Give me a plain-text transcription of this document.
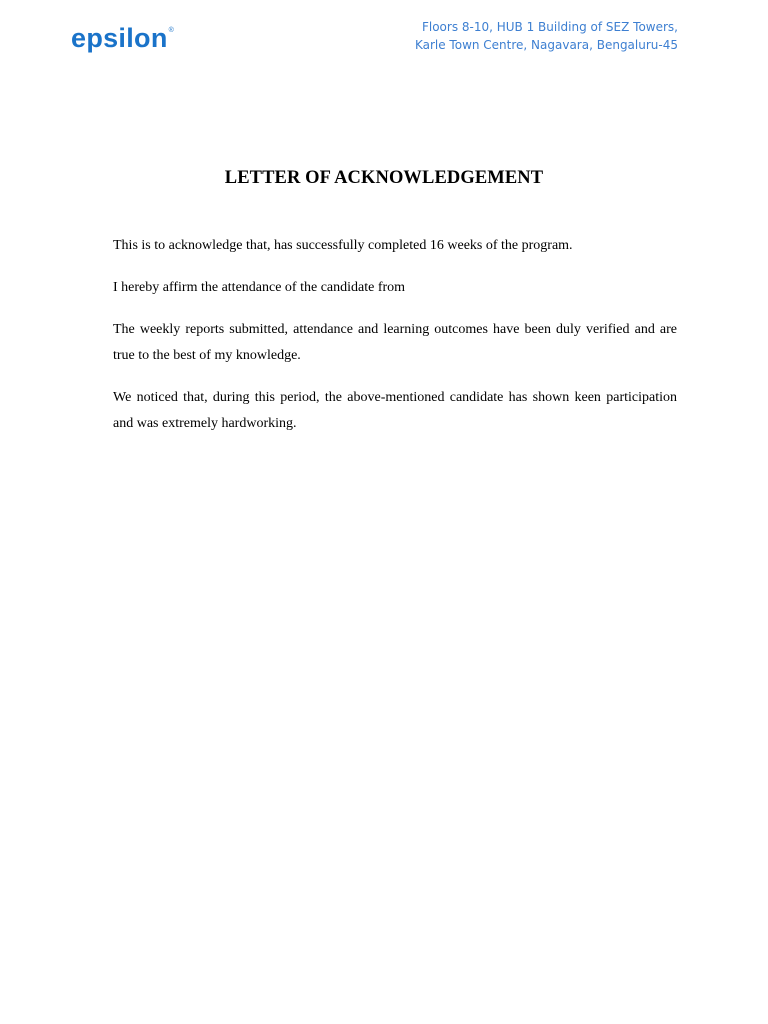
epsilon ®	Floors 8-10, HUB 1 Building of SEZ Towers,
Karle Town Centre, Nagavara, Bengaluru-45
LETTER OF ACKNOWLEDGEMENT

This is to acknowledge that, has successfully completed 16 weeks of the program.

I hereby affirm the attendance of the candidate from

The weekly reports submitted, attendance and learning outcomes have been duly verified and are true to the best of my knowledge.

We noticed that, during this period, the above-mentioned candidate has shown keen participation and was extremely hardworking.
